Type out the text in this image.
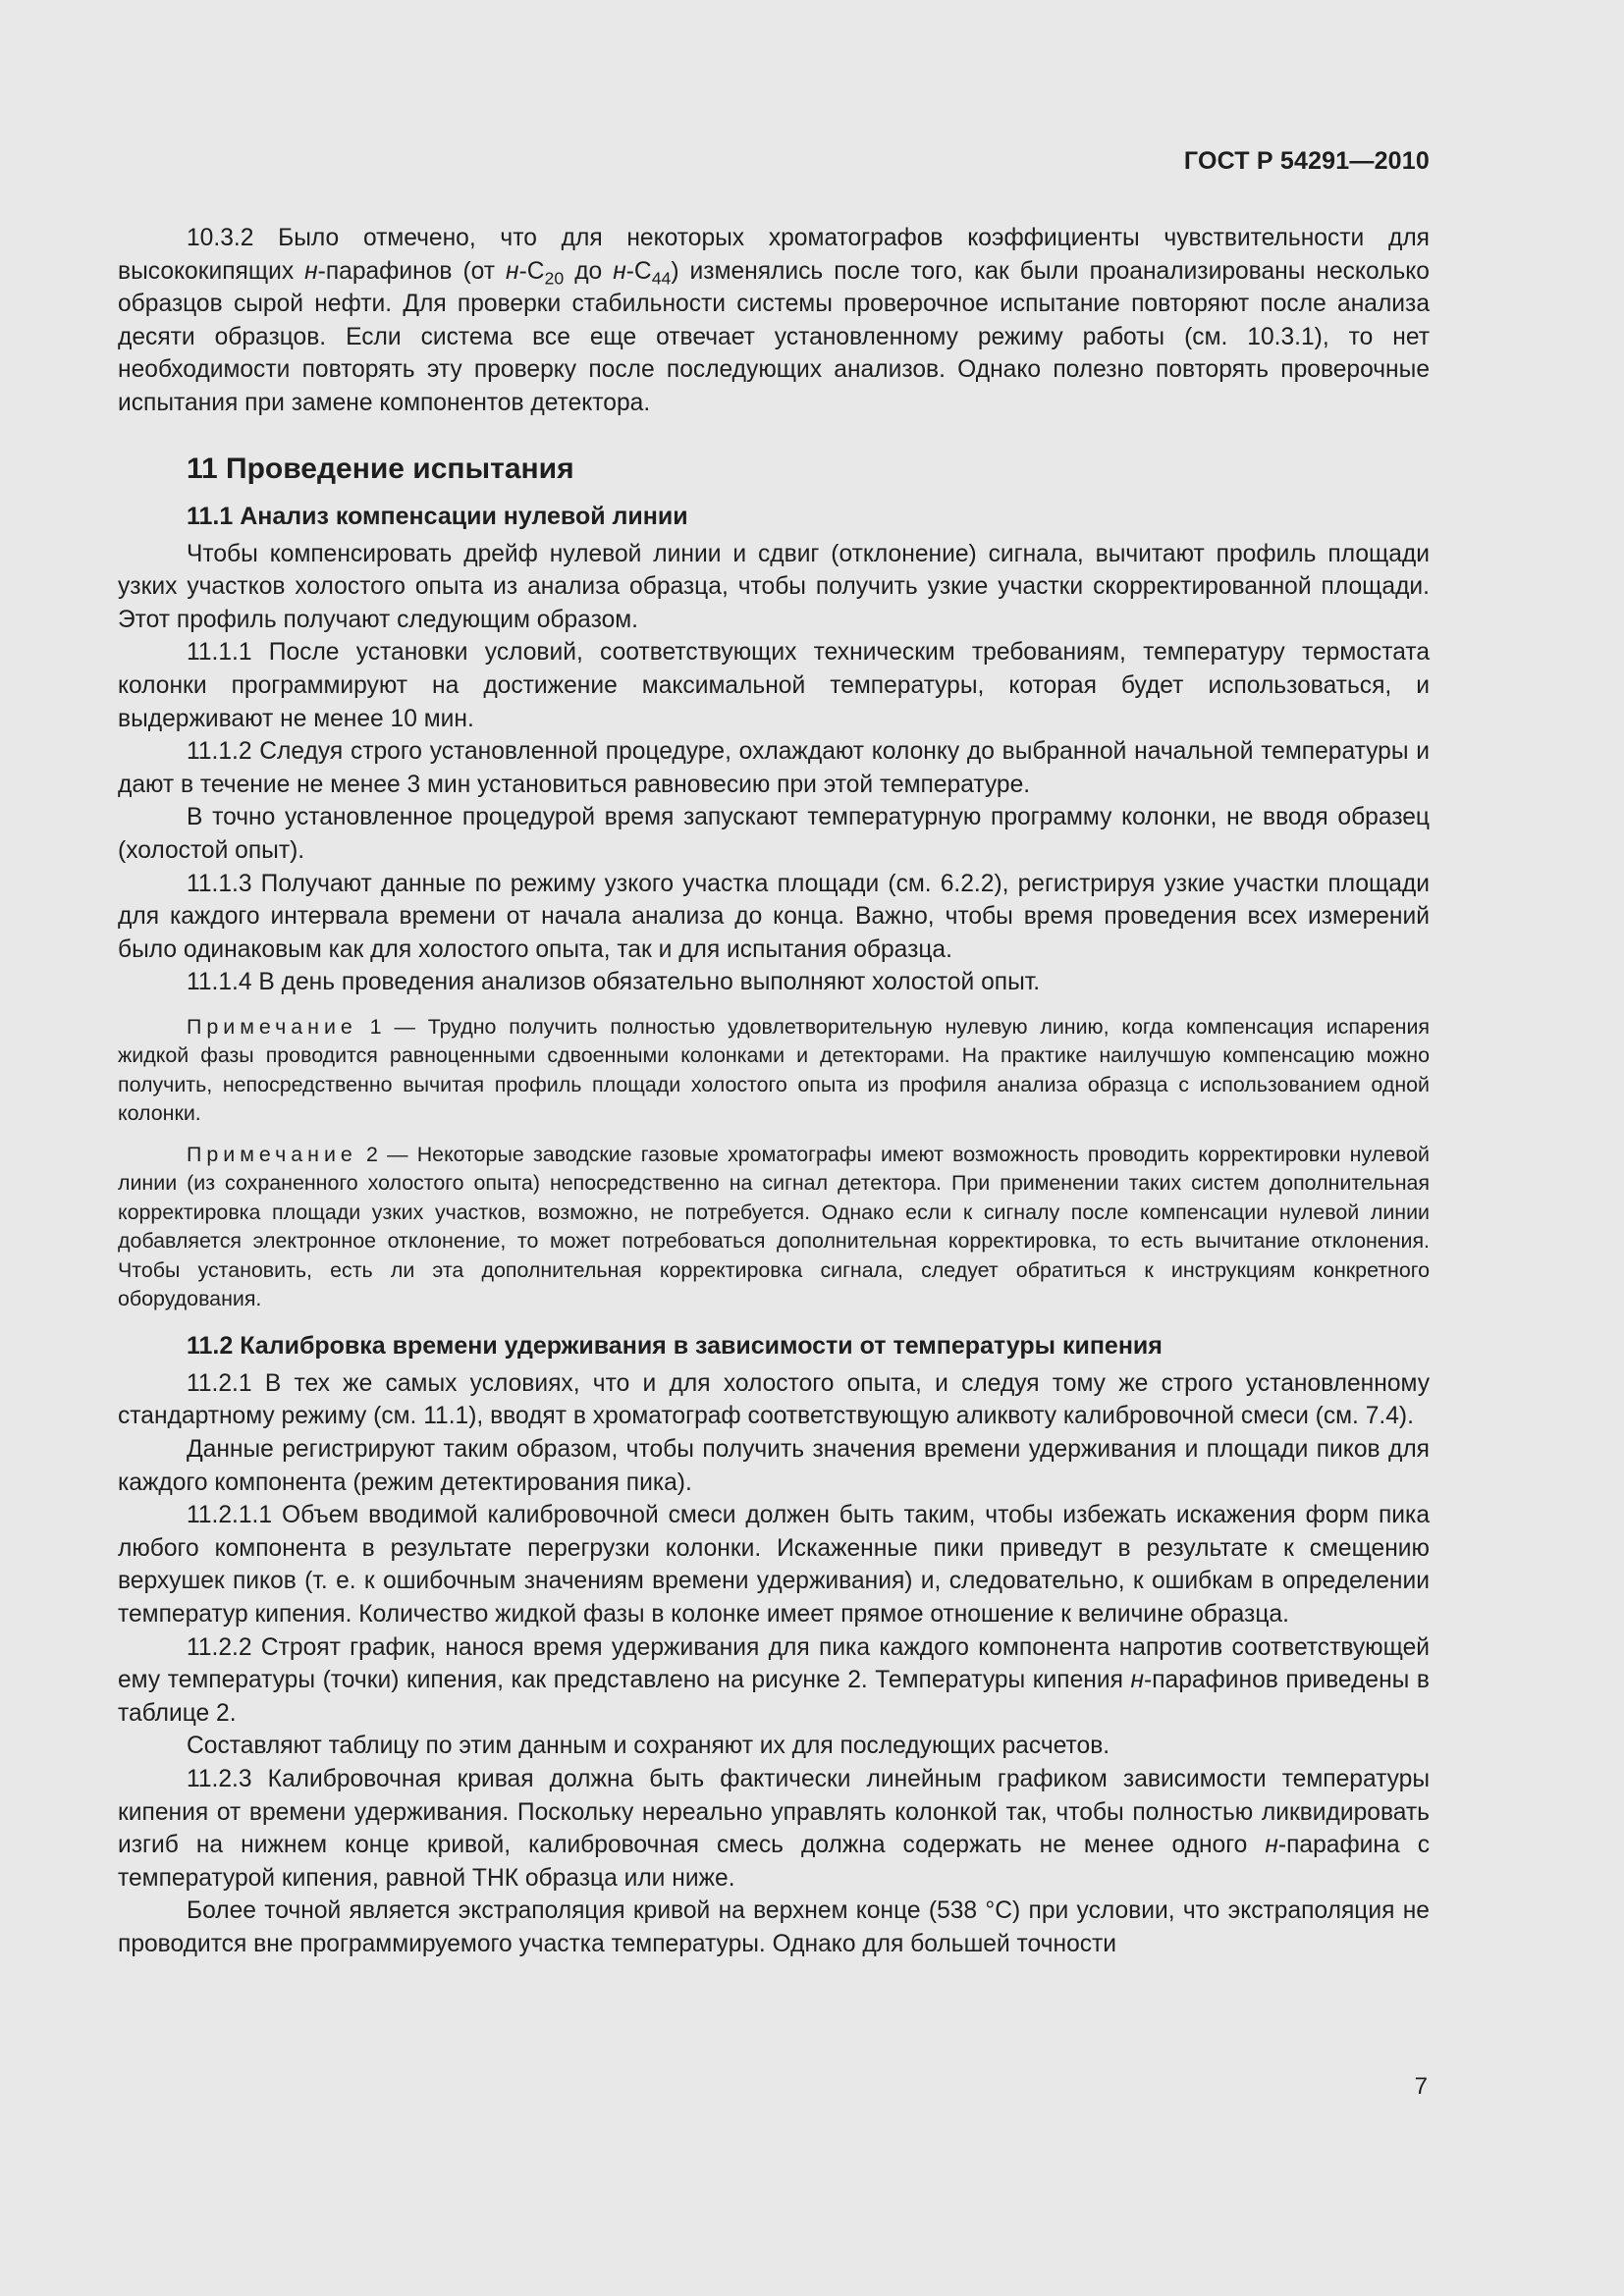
ГОСТ Р 54291—2010

10.3.2 Было отмечено, что для некоторых хроматографов коэффициенты чувствительности для высококипящих н-парафинов (от $н-C_{20}$ до $н-C_{44}$) изменялись после того, как были проанализированы несколько образцов сырой нефти. Для проверки стабильности системы проверочное испытание повторяют после анализа десяти образцов. Если система все еще отвечает установленному режиму работы (см. 10.3.1), то нет необходимости повторять эту проверку после последующих анализов. Однако полезно повторять проверочные испытания при замене компонентов детектора.

11 Проведение испытания
11.1 Анализ компенсации нулевой линии

Чтобы компенсировать дрейф нулевой линии и сдвиг (отклонение) сигнала, вычитают профиль площади узких участков холостого опыта из анализа образца, чтобы получить узкие участки скорректированной площади. Этот профиль получают следующим образом.

11.1.1 После установки условий, соответствующих техническим требованиям, температуру термостата колонки программируют на достижение максимальной температуры, которая будет использоваться, и выдерживают не менее 10 мин.

11.1.2 Следуя строго установленной процедуре, охлаждают колонку до выбранной начальной температуры и дают в течение не менее 3 мин установиться равновесию при этой температуре.

В точно установленное процедурой время запускают температурную программу колонки, не вводя образец (холостой опыт).

11.1.3 Получают данные по режиму узкого участка площади (см. 6.2.2), регистрируя узкие участки площади для каждого интервала времени от начала анализа до конца. Важно, чтобы время проведения всех измерений было одинаковым как для холостого опыта, так и для испытания образца.

11.1.4 В день проведения анализов обязательно выполняют холостой опыт.

Примечание 1 — Трудно получить полностью удовлетворительную нулевую линию, когда компенсация испарения жидкой фазы проводится равноценными сдвоенными колонками и детекторами. На практике наилучшую компенсацию можно получить, непосредственно вычитая профиль площади холостого опыта из профиля анализа образца с использованием одной колонки.
Примечание 2 — Некоторые заводские газовые хроматографы имеют возможность проводить корректировки нулевой линии (из сохраненного холостого опыта) непосредственно на сигнал детектора. При применении таких систем дополнительная корректировка площади узких участков, возможно, не потребуется. Однако если к сигналу после компенсации нулевой линии добавляется электронное отклонение, то может потребоваться дополнительная корректировка, то есть вычитание отклонения. Чтобы установить, есть ли эта дополнительная корректировка сигнала, следует обратиться к инструкциям конкретного оборудования.
11.2 Калибровка времени удерживания в зависимости от температуры кипения

11.2.1 В тех же самых условиях, что и для холостого опыта, и следуя тому же строго установленному стандартному режиму (см. 11.1), вводят в хроматограф соответствующую аликвоту калибровочной смеси (см. 7.4).

Данные регистрируют таким образом, чтобы получить значения времени удерживания и площади пиков для каждого компонента (режим детектирования пика).

11.2.1.1 Объем вводимой калибровочной смеси должен быть таким, чтобы избежать искажения форм пика любого компонента в результате перегрузки колонки. Искаженные пики приведут в результате к смещению верхушек пиков (т. е. к ошибочным значениям времени удерживания) и, следовательно, к ошибкам в определении температур кипения. Количество жидкой фазы в колонке имеет прямое отношение к величине образца.

11.2.2 Строят график, нанося время удерживания для пика каждого компонента напротив соответствующей ему температуры (точки) кипения, как представлено на рисунке 2. Температуры кипения н-парафинов приведены в таблице 2.

Составляют таблицу по этим данным и сохраняют их для последующих расчетов.

11.2.3 Калибровочная кривая должна быть фактически линейным графиком зависимости температуры кипения от времени удерживания. Поскольку нереально управлять колонкой так, чтобы полностью ликвидировать изгиб на нижнем конце кривой, калибровочная смесь должна содержать не менее одного н-парафина с температурой кипения, равной ТНК образца или ниже.

Более точной является экстраполяция кривой на верхнем конце (538 °С) при условии, что экстраполяция не проводится вне программируемого участка температуры. Однако для большей точности

7
